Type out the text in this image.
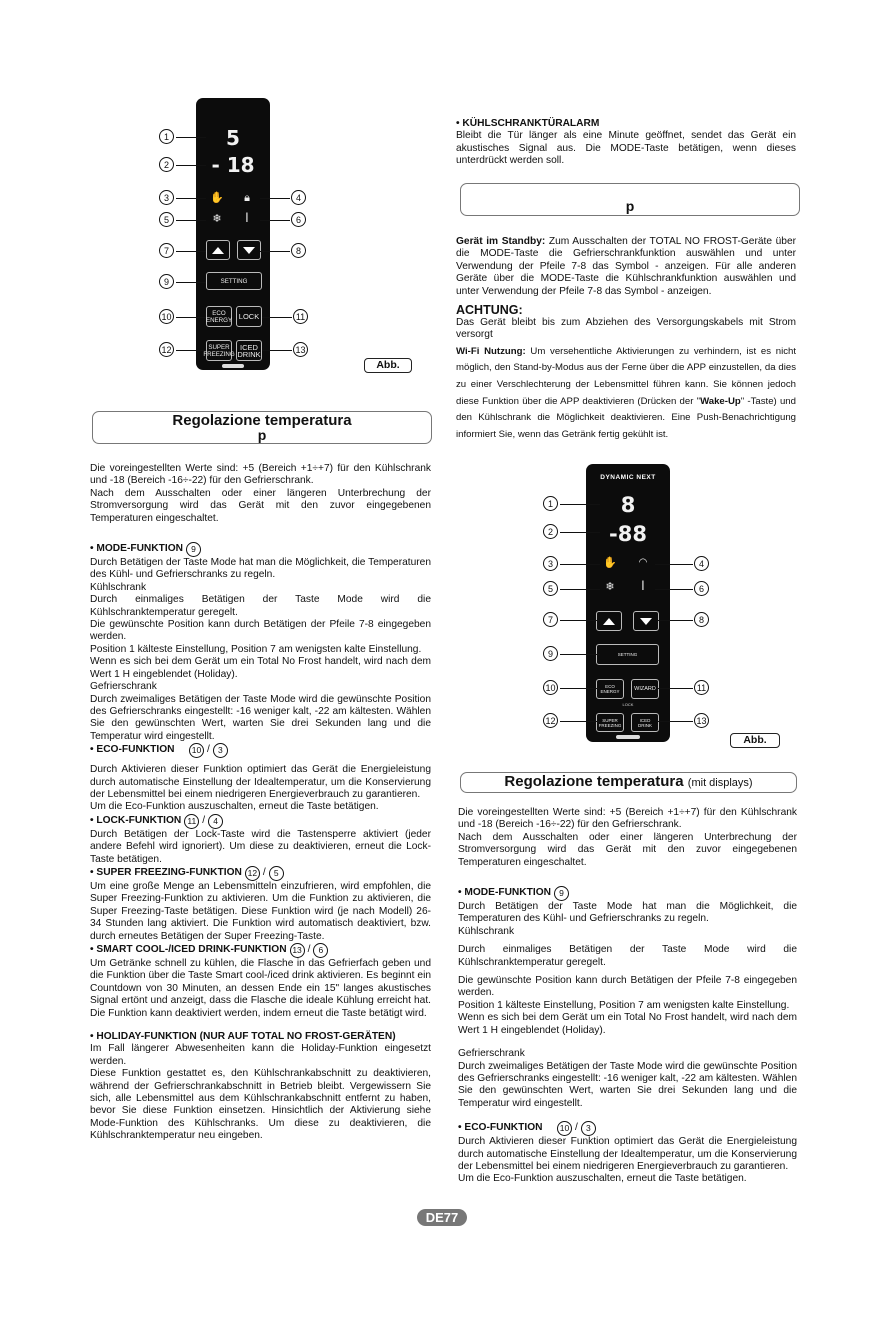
5
- 18
✋	🔒︎
❄	ǀ
SETTING
ECO
ENERGY LOCK
SUPER
FREEZING
ICED
DRINK
1
2
3	4
5	6
7	8
9
10	11
12	13
Abb.
Regolazione temperatura
p

Die voreingestellten Werte sind: +5 (Bereich +1÷+7) für den Kühlschrank und -18 (Bereich -16÷-22) für den Gefrierschrank.

Nach dem Ausschalten oder einer längeren Unterbrechung der Stromversorgung wird das Gerät mit den zuvor eingegebenen Temperaturen eingeschaltet.

• MODE-FUNKTION 9

Durch Betätigen der Taste Mode hat man die Möglichkeit, die Temperaturen des Kühl- und Gefrierschranks zu regeln.

Kühlschrank

Durch einmaliges Betätigen der Taste Mode wird die Kühlschranktemperatur geregelt.

Die gewünschte Position kann durch Betätigen der Pfeile 7-8 eingegeben werden.

Position 1 kälteste Einstellung, Position 7 am wenigsten kalte Einstellung.

Wenn es sich bei dem Gerät um ein Total No Frost handelt, wird nach dem Wert 1 H eingeblendet (Holiday).

Gefrierschrank

Durch zweimaliges Betätigen der Taste Mode wird die gewünschte Position des Gefrierschranks eingestellt: -16 weniger kalt, -22 am kältesten. Wählen Sie den gewünschten Wert, warten Sie drei Sekunden lang und die Temperatur wird eingestellt.

• ECO-FUNKTION
	10 / 3

Durch Aktivieren dieser Funktion optimiert das Gerät die Energieleistung durch automatische Einstellung der Idealtemperatur, um die Konservierung der Lebensmittel bei einem niedrigeren Energieverbrauch zu garantieren.

Um die Eco-Funktion auszuschalten, erneut die Taste betätigen.

• LOCK-FUNKTION 11 / 4

Durch Betätigen der Lock-Taste wird die Tastensperre aktiviert (jeder andere Befehl wird ignoriert). Um diese zu deaktivieren, erneut die Lock-Taste betätigen.

• SUPER FREEZING-FUNKTION 12 / 5

Um eine große Menge an Lebensmitteln einzufrieren, wird empfohlen, die Super Freezing-Funktion zu aktivieren. Um die Funktion zu aktivieren, die Super Freezing-Taste betätigen. Diese Funktion wird (je nach Modell) 26-34 Stunden lang aktiviert. Die Funktion wird automatisch deaktiviert, bzw. durch erneutes Betätigen der Super Freezing-Taste.

• SMART COOL-/ICED DRINK-FUNKTION 13 / 6

Um Getränke schnell zu kühlen, die Flasche in das Gefrierfach geben und die Funktion über die Taste Smart cool-/iced drink aktivieren. Es beginnt ein Countdown von 30 Minuten, an dessen Ende ein 15" langes akustisches Signal ertönt und anzeigt, dass die Flasche die ideale Kühlung erreicht hat. Die Funktion kann deaktiviert werden, indem erneut die Taste betätigt wird.

• HOLIDAY-FUNKTION (NUR AUF TOTAL NO FROST-GERÄTEN)

Im Fall längerer Abwesenheiten kann die Holiday-Funktion eingesetzt werden.

Diese Funktion gestattet es, den Kühlschrankabschnitt zu deaktivieren, während der Gefrierschrankabschnitt in Betrieb bleibt. Vergewissern Sie sich, alle Lebensmittel aus dem Kühlschrankabschnitt entfernt zu haben, bevor Sie diese Funktion einsetzen. Hinsichtlich der Aktivierung siehe Mode-Funktion des Kühlschranks. Um diese zu deaktivieren, die Kühlschranktemperatur neu eingeben.

• KÜHLSCHRANKTÜRALARM

Bleibt die Tür länger als eine Minute geöffnet, sendet das Gerät ein akustisches Signal aus. Die MODE-Taste betätigen, wenn dieses unterdrückt werden soll.

p

Gerät im Standby: Zum Ausschalten der TOTAL NO FROST-Geräte über die MODE-Taste die Gefrierschrankfunktion auswählen und unter Verwendung der Pfeile 7-8 das Symbol - anzeigen. Für alle anderen Geräte über die MODE-Taste die Kühlschrankfunktion auswählen und unter Verwendung der Pfeile 7-8 das Symbol - anzeigen.

ACHTUNG:

Das Gerät bleibt bis zum Abziehen des Versorgungskabels mit Strom versorgt

Wi-Fi Nutzung: Um versehentliche Aktivierungen zu verhindern, ist es nicht möglich, den Stand-by-Modus aus der Ferne über die APP einzustellen, da dies zu einer Verschlechterung der Lebensmittel führen kann. Sie können jedoch diese Funktion über die APP deaktivieren (Drücken der "Wake-Up" -Taste) und den Kühlschrank die Möglichkeit deaktivieren. Eine Push-Benachrichtigung informiert Sie, wenn das Getränk fertig gekühlt ist.

DYNAMIC NEXT
8
-88
✋ ◠
❄	ǀ
SETTING
ECO
ENERGY	WIZARD
LOCK
SUPER
FREEZING
ICED
DRINK
1
2
3	4
5	6
7	8
9
10	11
12	13
Abb.
Regolazione temperatura (mit displays)

Die voreingestellten Werte sind: +5 (Bereich +1÷+7) für den Kühlschrank und -18 (Bereich -16÷-22) für den Gefrierschrank.

Nach dem Ausschalten oder einer längeren Unterbrechung der Stromversorgung wird das Gerät mit den zuvor eingegebenen Temperaturen eingeschaltet.

• MODE-FUNKTION 9

Durch Betätigen der Taste Mode hat man die Möglichkeit, die Temperaturen des Kühl- und Gefrierschranks zu regeln.

Kühlschrank

Durch einmaliges Betätigen der Taste Mode wird die Kühlschranktemperatur geregelt.

Die gewünschte Position kann durch Betätigen der Pfeile 7-8 eingegeben werden.

Position 1 kälteste Einstellung, Position 7 am wenigsten kalte Einstellung.

Wenn es sich bei dem Gerät um ein Total No Frost handelt, wird nach dem Wert 1 H eingeblendet (Holiday).

Gefrierschrank

Durch zweimaliges Betätigen der Taste Mode wird die gewünschte Position des Gefrierschranks eingestellt: -16 weniger kalt, -22 am kältesten. Wählen Sie den gewünschten Wert, warten Sie drei Sekunden lang und die Temperatur wird eingestellt.

• ECO-FUNKTION
	10 / 3

Durch Aktivieren dieser Funktion optimiert das Gerät die Energieleistung durch automatische Einstellung der Idealtemperatur, um die Konservierung der Lebensmittel bei einem niedrigeren Energieverbrauch zu garantieren.

Um die Eco-Funktion auszuschalten, erneut die Taste betätigen.

DE77
